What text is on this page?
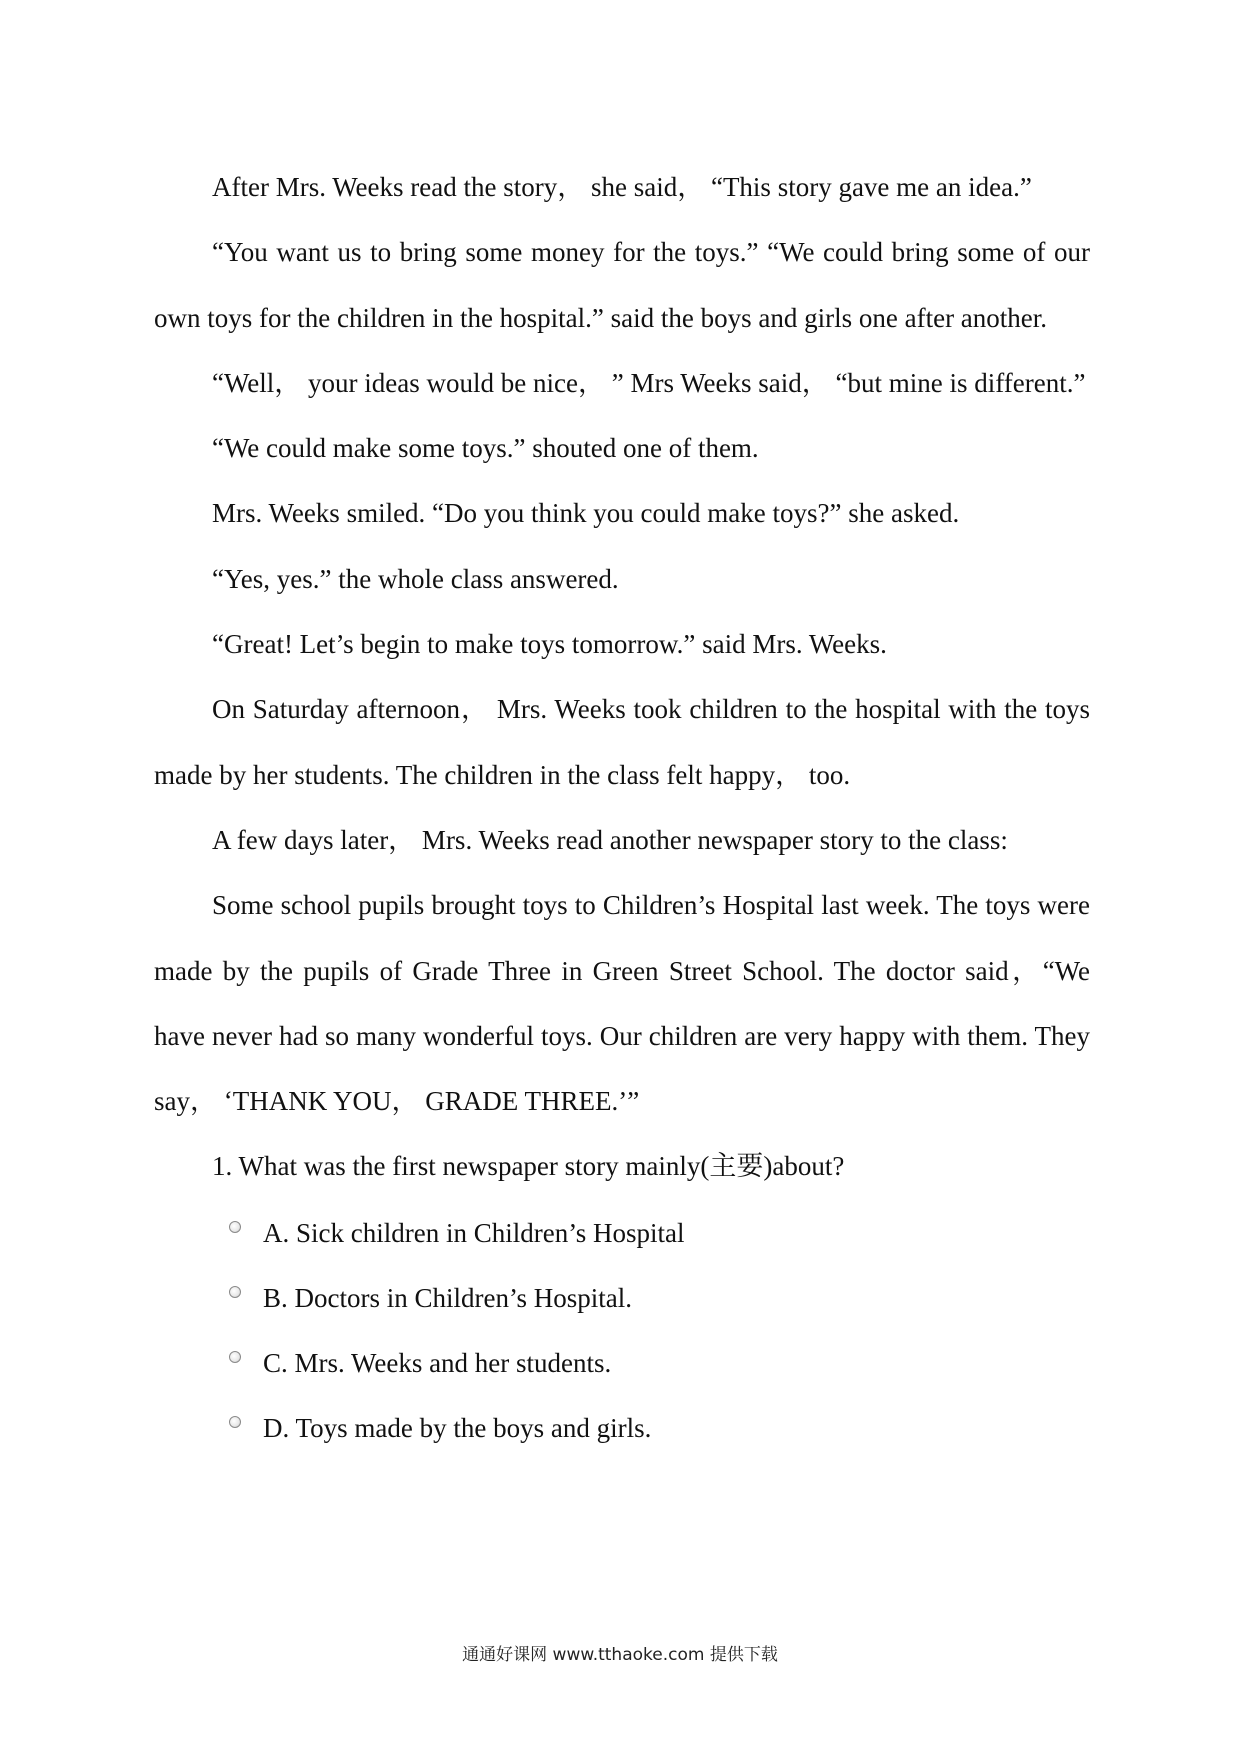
After Mrs. Weeks read the story， she said， “This story gave me an idea.”

“You want us to bring some money for the toys.” “We could bring some of our own toys for the children in the hospital.” said the boys and girls one after another.

“Well， your ideas would be nice， ” Mrs Weeks said， “but mine is different.”

“We could make some toys.” shouted one of them.

Mrs. Weeks smiled. “Do you think you could make toys?” she asked.

“Yes, yes.” the whole class answered.

“Great! Let’s begin to make toys tomorrow.” said Mrs. Weeks.

On Saturday afternoon， Mrs. Weeks took children to the hospital with the toys made by her students. The children in the class felt happy， too.

A few days later， Mrs. Weeks read another newspaper story to the class:

Some school pupils brought toys to Children’s Hospital last week. The toys were made by the pupils of Grade Three in Green Street School. The doctor said，“We have never had so many wonderful toys. Our children are very happy with them. They say， ‘THANK YOU， GRADE THREE.’”

1. What was the first newspaper story mainly(主要)about?

A. Sick children in Children’s Hospital
B. Doctors in Children’s Hospital.
C. Mrs. Weeks and her students.
D. Toys made by the boys and girls.
通通好课网 www.tthaoke.com 提供下载
